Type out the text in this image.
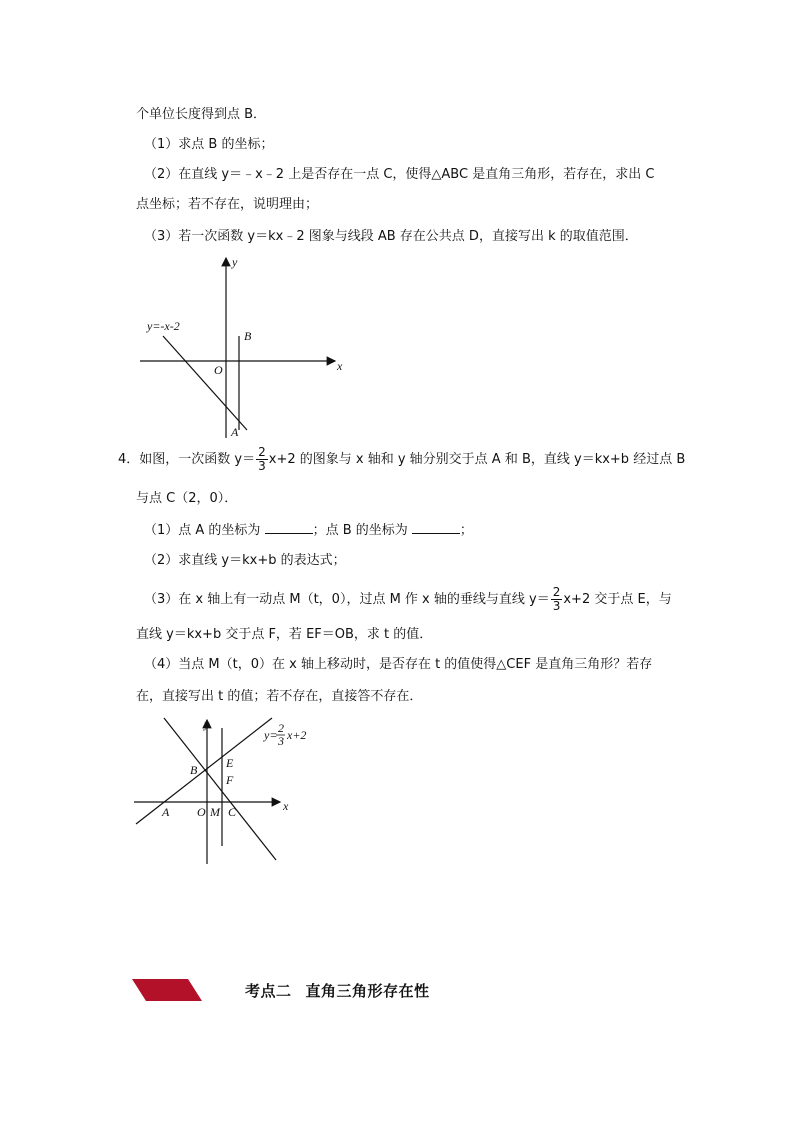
个单位长度得到点 B．
（1）求点 B 的坐标；
（2）在直线 y＝﹣x﹣2 上是否存在一点 C，使得△ABC 是直角三角形，若存在，求出 C
点坐标；若不存在，说明理由；
（3）若一次函数 y＝kx﹣2 图象与线段 AB 存在公共点 D，直接写出 k 的取值范围．
y
x
y=-x-2
B
O
A
4．如图，一次函数 $y= \frac{2}{3} x+2$ 的图象与 x 轴和 y 轴分别交于点 A 和 B，直线 y＝kx+b 经过点 B
与点 C（2，0）．
（1）点 A 的坐标为	；点 B 的坐标为	；
（2）求直线 y＝kx+b 的表达式；
（3）在 x 轴上有一动点 M（t，0），过点 M 作 x 轴的垂线与直线 $y= \frac{2}{3} x+2$ 交于点 E，与
直线 y＝kx+b 交于点 F，若 EF＝OB，求 t 的值．
（4）当点 M（t，0）在 x 轴上移动时，是否存在 t 的值使得△CEF 是直角三角形？若存
在，直接写出 t 的值；若不存在，直接答不存在．
y
x
y= 2
3 x+2
B E
F
A O M C
考点二 直角三角形存在性
